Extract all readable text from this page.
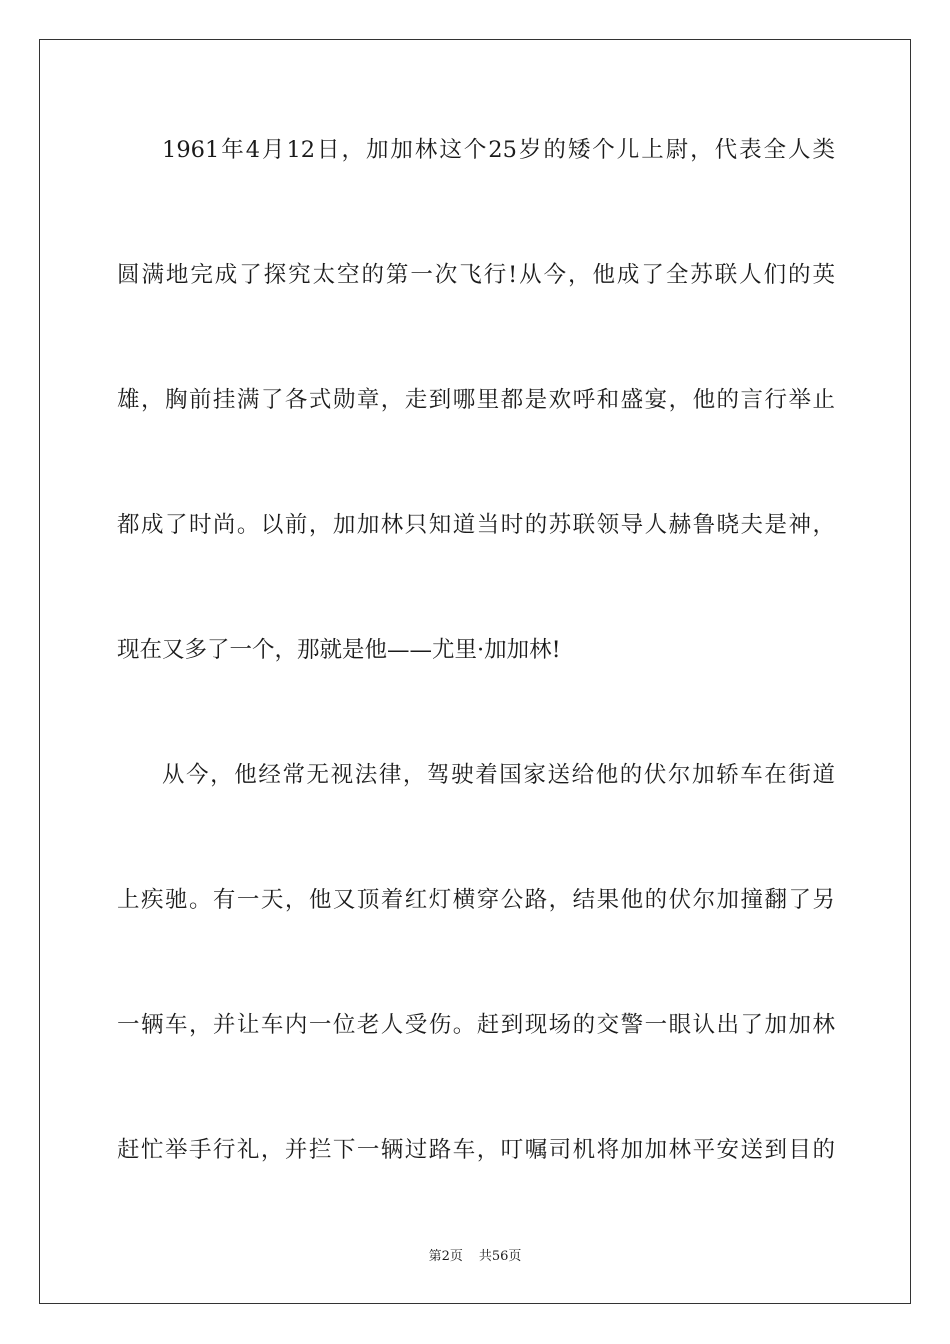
1961年4月12日，加加林这个25岁的矮个儿上尉，代表全人类
圆满地完成了探究太空的第一次飞行!从今，他成了全苏联人们的英
雄，胸前挂满了各式勋章，走到哪里都是欢呼和盛宴，他的言行举止
都成了时尚。以前，加加林只知道当时的苏联领导人赫鲁晓夫是神，
现在又多了一个，那就是他——尤里·加加林!
从今，他经常无视法律，驾驶着国家送给他的伏尔加轿车在街道
上疾驰。有一天，他又顶着红灯横穿公路，结果他的伏尔加撞翻了另
一辆车，并让车内一位老人受伤。赶到现场的交警一眼认出了加加林
赶忙举手行礼，并拦下一辆过路车，叮嘱司机将加加林平安送到目的
第2页 共56页
